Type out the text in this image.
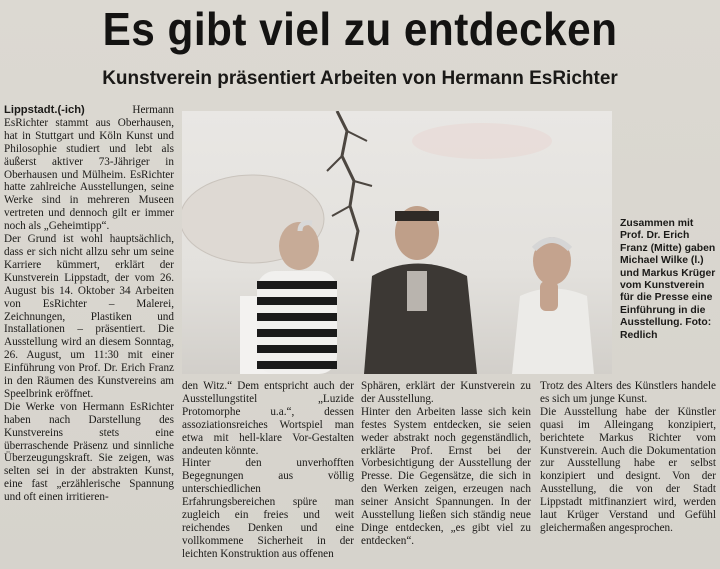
Es gibt viel zu entdecken
Kunstverein präsentiert Arbeiten von Hermann EsRichter

Lippstadt.(-ich)	Hermann EsRichter stammt aus Oberhausen, hat in Stuttgart und Köln Kunst und Philosophie studiert und lebt als äußerst aktiver 73-Jähriger in Oberhausen und Mülheim. EsRichter hatte zahlreiche Ausstellungen, seine Werke sind in mehreren Museen vertreten und dennoch gilt er immer noch als „Geheimtipp“.

Der Grund ist wohl hauptsächlich, dass er sich nicht allzu sehr um seine Karriere kümmert, erklärt der Kunstverein Lippstadt, der vom 26. August bis 14. Oktober 34 Arbeiten von EsRichter – Malerei, Zeichnungen, Plastiken und Installationen – präsentiert. Die Ausstellung wird an diesem Sonntag, 26. August, um 11:30 mit einer Einführung von Prof. Dr. Erich Franz in den Räumen des Kunstvereins am Speelbrink eröffnet.

Die Werke von Hermann EsRichter haben nach Darstellung des Kunstvereins stets eine überraschende Präsenz und sinnliche Überzeugungskraft. Sie zeigen, was selten sei in der abstrakten Kunst, eine fast „erzählerische Spannung und oft einen irritieren-

Zusammen mit Prof. Dr. Erich Franz (Mitte) gaben Michael Wilke (l.) und Markus Krüger vom Kunstverein für die Presse eine Einführung in die Ausstellung. Foto: Redlich

den Witz.“ Dem entspricht auch der Ausstellungstitel „Luzide Protomorphe u.a.“, dessen assoziationsreiches Wortspiel man etwa mit hell-klare Vor-Gestalten andeuten könnte.

Hinter den unverhofften Begegnungen aus völlig unterschiedlichen Erfahrungsbereichen spüre man zugleich ein freies und weit reichendes Denken und eine vollkommene Sicherheit in der leichten Konstruktion aus offenen

Sphären, erklärt der Kunstverein zu der Ausstellung.

Hinter den Arbeiten lasse sich kein festes System entdecken, sie seien weder abstrakt noch gegenständlich, erklärte Prof. Ernst bei der Vorbesichtigung der Ausstellung der Presse. Die Gegensätze, die sich in den Werken zeigen, erzeugen nach seiner Ansicht Spannungen. In der Ausstellung ließen sich ständig neue Dinge entdecken, „es gibt viel zu entdecken“.

Trotz des Alters des Künstlers handele es sich um junge Kunst.

Die Ausstellung habe der Künstler quasi im Alleingang konzipiert, berichtete Markus Richter vom Kunstverein. Auch die Dokumentation zur Ausstellung habe er selbst konzipiert und designt. Von der Ausstellung, die von der Stadt Lippstadt mitfinanziert wird, werden laut Krüger Verstand und Gefühl gleichermaßen angesprochen.
